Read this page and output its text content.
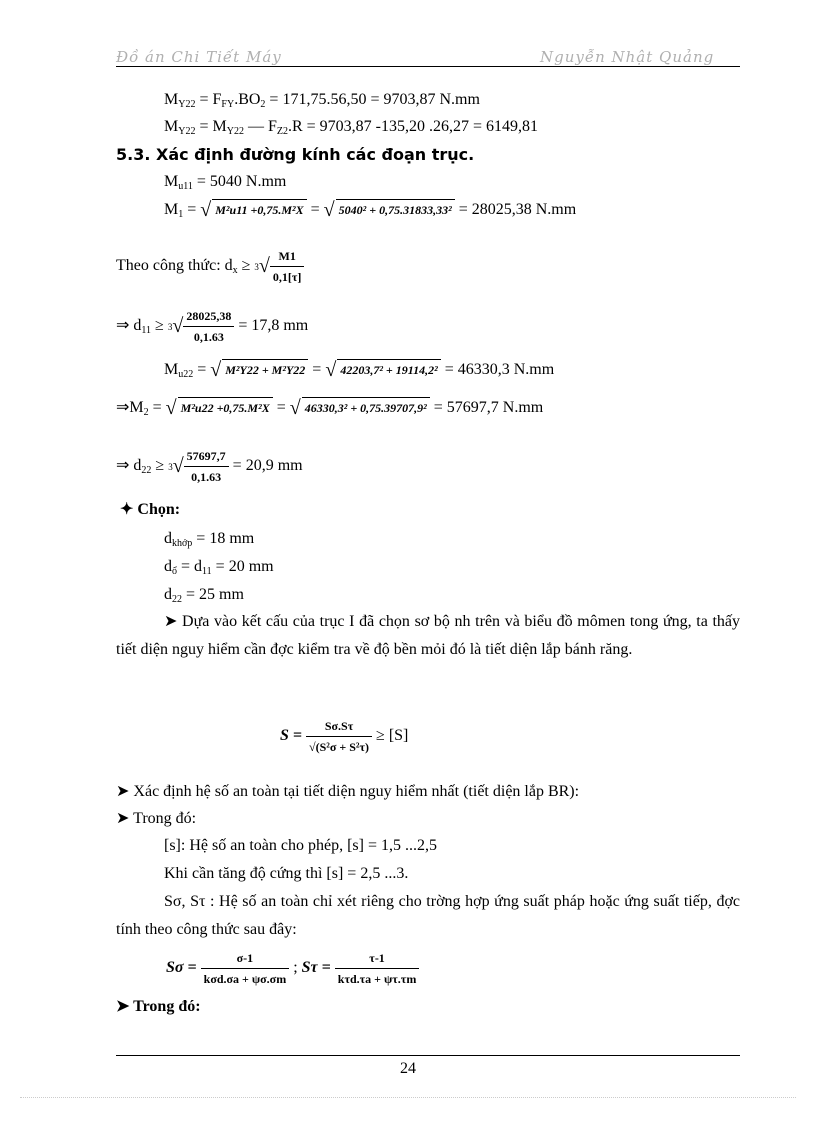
Đồ án Chi Tiết Máy	Nguyễn Nhật Quảng
MY22 = FFY.BO2 = 171,75.56,50 = 9703,87 N.mm
MY22 = MY22 — FZ2.R = 9703,87 -135,20 .26,27 = 6149,81
5.3. Xác định đường kính các đoạn trục.
Mu11 = 5040 N.mm
M1 = √ M²u11 +0,75.M²X = √ 5040² + 0,75.31833,33² = 28025,38 N.mm
Theo công thức: dx ≥ $3√ \frac{M1}{0,1[\tau]}$
⇒ $d11 \ge 3√ \frac{28025,38}{0,1.63} = 17,8$ mm
Mu22 = √ M²Y22 + M²Y22 = √ 42203,7² + 19114,2² = 46330,3 N.mm
⇒M2 = √ M²u22 +0,75.M²X = √ 46330,3² + 0,75.39707,9² = 57697,7 N.mm
⇒ $d22 \ge 3√ \frac{57697,7}{0,1.63} = 20,9$ mm
✦ Chọn:
dkhớp = 18 mm
dổ = d11 = 20 mm
d22 = 25 mm
➤ Dựa vào kết cấu của trục I đã chọn sơ bộ nh trên và biểu đồ mômen tong ứng, ta thấy tiết diện nguy hiểm cần đợc kiểm tra về độ bền mỏi đó là tiết diện lắp bánh răng.
$S = \frac{S\sigma.S\tau}{\text{√(S²σ + S²τ)}} \ge [S]$
➤ Xác định hệ số an toàn tại tiết diện nguy hiểm nhất (tiết diện lắp BR):
➤ Trong đó:
[s]: Hệ số an toàn cho phép, [s] = 1,5 ...2,5
Khi cần tăng độ cứng thì [s] = 2,5 ...3.
Sσ, Sτ : Hệ số an toàn chỉ xét riêng cho trờng hợp ứng suất pháp hoặc ứng suất tiếp, đợc tính theo công thức sau đây:
$S\sigma = \frac{\sigma-1}{\text{kσd.σa + ψσ.σm}}$ ; $S\tau = \frac{\tau-1}{\text{kτd.τa + ψτ.τm}}$
➤ Trong đó:
24
